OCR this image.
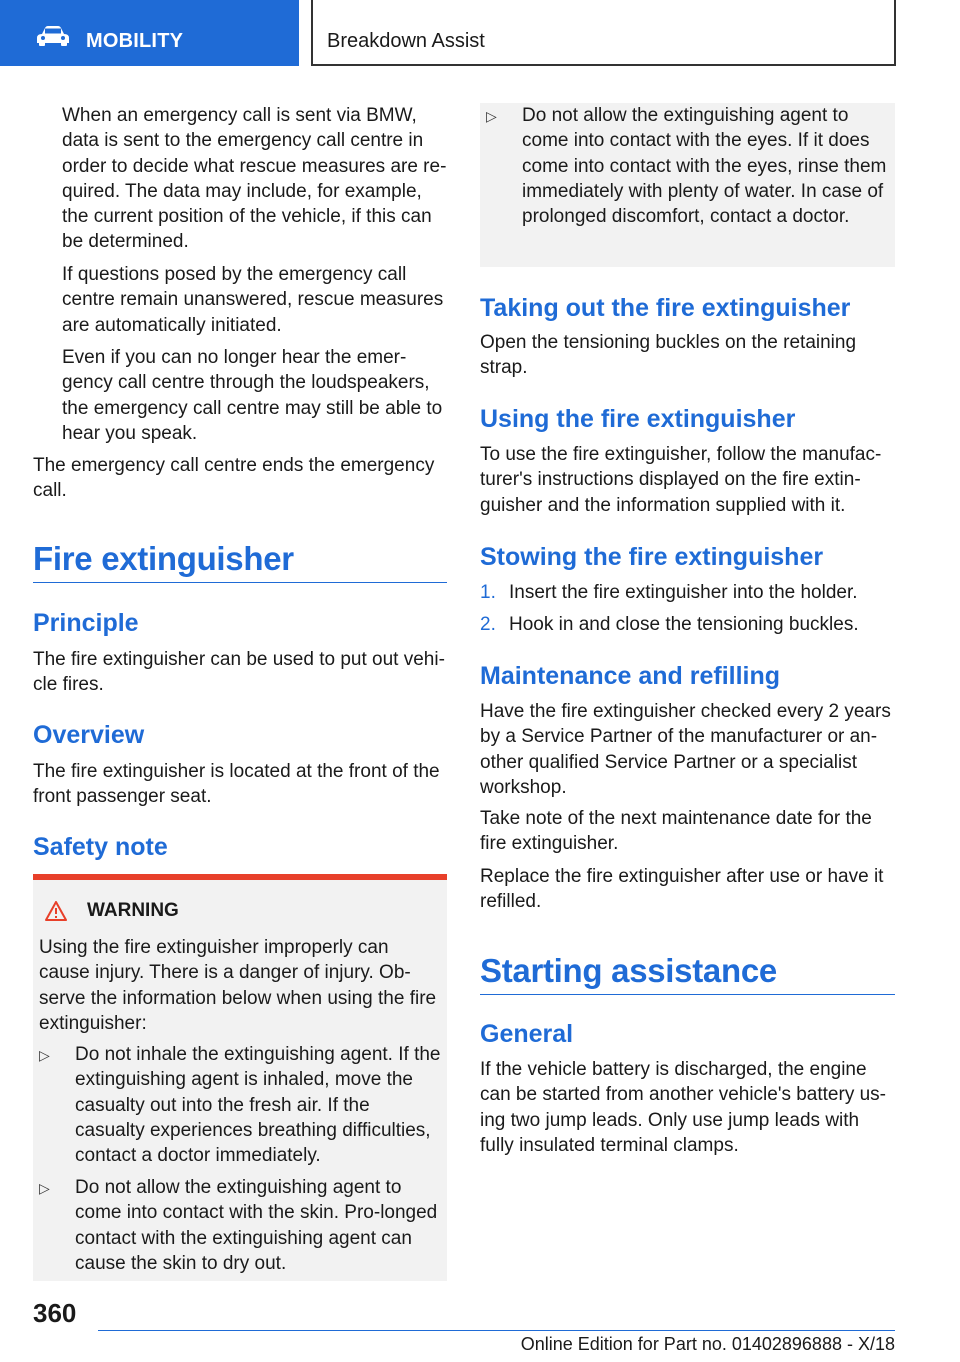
MOBILITY	Breakdown Assist
When an emergency call is sent via BMW, data is sent to the emergency call centre in order to decide what rescue measures are re-quired. The data may include, for example, the current position of the vehicle, if this can be determined.
If questions posed by the emergency call centre remain unanswered, rescue measures are automatically initiated.
Even if you can no longer hear the emer-gency call centre through the loudspeakers, the emergency call centre may still be able to hear you speak.
The emergency call centre ends the emergency call.
Fire extinguisher
Principle
The fire extinguisher can be used to put out vehi-cle fires.
Overview
The fire extinguisher is located at the front of the front passenger seat.
Safety note
WARNING
Using the fire extinguisher improperly can cause injury. There is a danger of injury. Ob-serve the information below when using the fire extinguisher:
▷	Do not inhale the extinguishing agent. If the extinguishing agent is inhaled, move the casualty out into the fresh air. If the casualty experiences breathing difficulties, contact a doctor immediately.
▷	Do not allow the extinguishing agent to come into contact with the skin. Pro-longed contact with the extinguishing agent can cause the skin to dry out.
▷	Do not allow the extinguishing agent to come into contact with the eyes. If it does come into contact with the eyes, rinse them immediately with plenty of water. In case of prolonged discomfort, contact a doctor.
Taking out the fire extinguisher
Open the tensioning buckles on the retaining strap.
Using the fire extinguisher
To use the fire extinguisher, follow the manufac-turer's instructions displayed on the fire extin-guisher and the information supplied with it.
Stowing the fire extinguisher
1. Insert the fire extinguisher into the holder.
2. Hook in and close the tensioning buckles.
Maintenance and refilling
Have the fire extinguisher checked every 2 years by a Service Partner of the manufacturer or an-other qualified Service Partner or a specialist workshop.
Take note of the next maintenance date for the fire extinguisher.
Replace the fire extinguisher after use or have it refilled.
Starting assistance
General
If the vehicle battery is discharged, the engine can be started from another vehicle's battery us-ing two jump leads. Only use jump leads with fully insulated terminal clamps.
360
Online Edition for Part no. 01402896888 - X/18
